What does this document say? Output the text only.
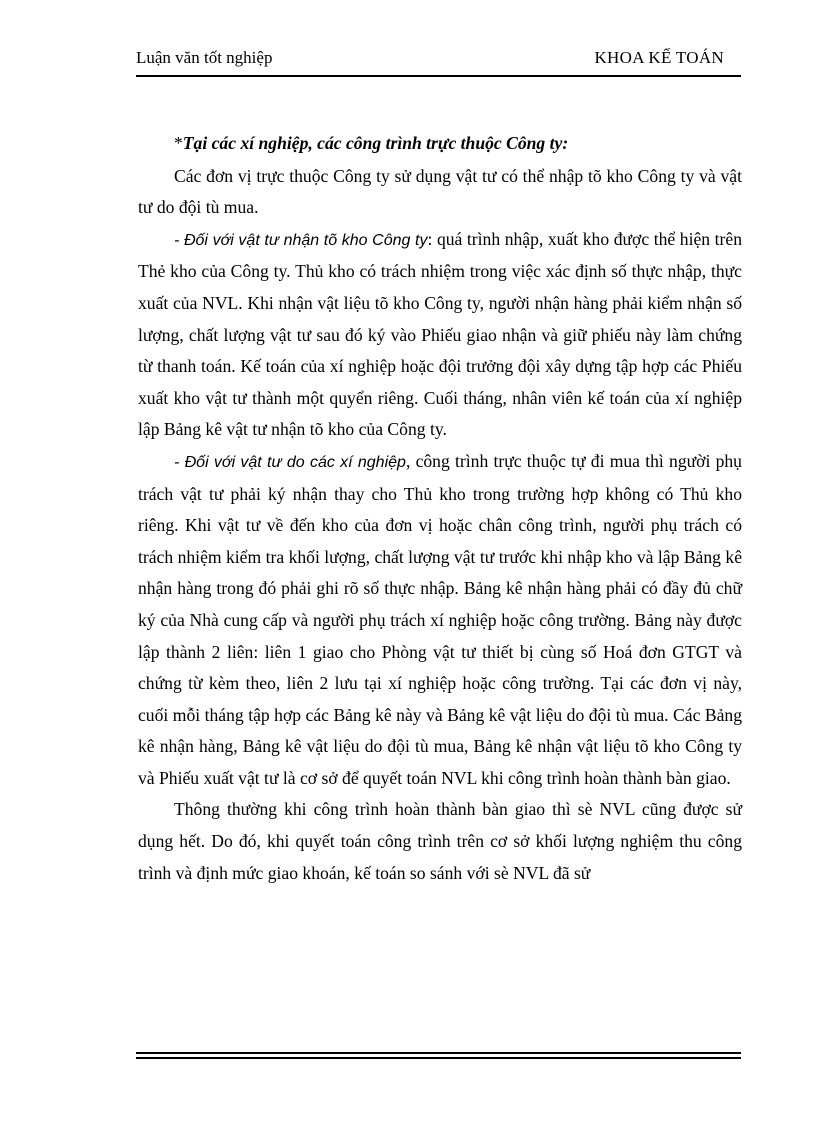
Luận văn tốt nghiệp	KHOA KẾ TOÁN

*Tại các xí nghiệp, các công trình trực thuộc Công ty:

Các đơn vị trực thuộc Công ty sử dụng vật tư có thể nhập tõ kho Công ty và vật tư do đội tù mua.

- Đối với vật tư nhận tõ kho Công ty: quá trình nhập, xuất kho được thể hiện trên Thẻ kho của Công ty. Thủ kho có trách nhiệm trong việc xác định số thực nhập, thực xuất của NVL. Khi nhận vật liệu tõ kho Công ty, người nhận hàng phải kiểm nhận số lượng, chất lượng vật tư sau đó ký vào Phiếu giao nhận và giữ phiếu này làm chứng từ thanh toán. Kế toán của xí nghiệp hoặc đội trưởng đội xây dựng tập hợp các Phiếu xuất kho vật tư thành một quyển riêng. Cuối tháng, nhân viên kế toán của xí nghiệp lập Bảng kê vật tư nhận tõ kho của Công ty.

- Đối với vật tư do các xí nghiệp, công trình trực thuộc tự đi mua thì người phụ trách vật tư phải ký nhận thay cho Thủ kho trong trường hợp không có Thủ kho riêng. Khi vật tư về đến kho của đơn vị hoặc chân công trình, người phụ trách có trách nhiệm kiểm tra khối lượng, chất lượng vật tư trước khi nhập kho và lập Bảng kê nhận hàng trong đó phải ghi rõ số thực nhập. Bảng kê nhận hàng phải có đầy đủ chữ ký của Nhà cung cấp và người phụ trách xí nghiệp hoặc công trường. Bảng này được lập thành 2 liên: liên 1 giao cho Phòng vật tư thiết bị cùng số Hoá đơn GTGT và chứng từ kèm theo, liên 2 lưu tại xí nghiệp hoặc công trường. Tại các đơn vị này, cuối mỗi tháng tập hợp các Bảng kê này và Bảng kê vật liệu do đội tù mua. Các Bảng kê nhận hàng, Bảng kê vật liệu do đội tù mua, Bảng kê nhận vật liệu tõ kho Công ty và Phiếu xuất vật tư là cơ sở để quyết toán NVL khi công trình hoàn thành bàn giao.

Thông thường khi công trình hoàn thành bàn giao thì sè NVL cũng được sử dụng hết. Do đó, khi quyết toán công trình trên cơ sở khối lượng nghiệm thu công trình và định mức giao khoán, kế toán so sánh với sè NVL đã sử
